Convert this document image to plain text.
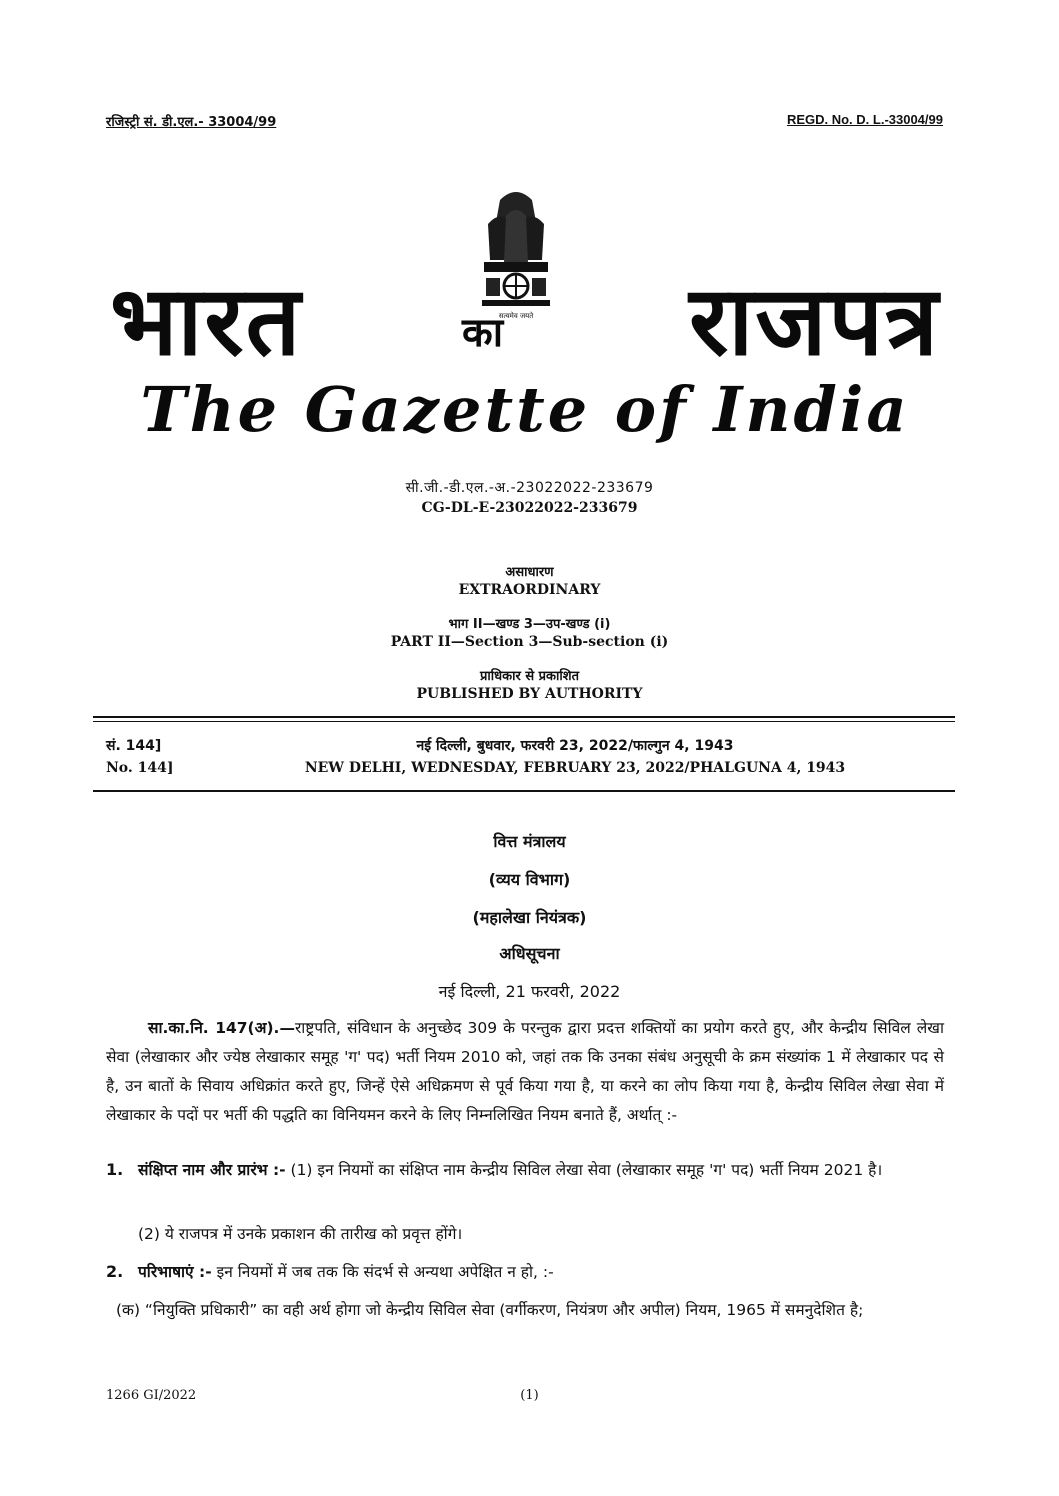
रजिस्ट्री सं. डी.एल.- 33004/99	REGD. No. D. L.-33004/99
सत्यमेव जयते
भारत	का राजपत्र
The Gazette of India
सी.जी.-डी.एल.-अ.-23022022-233679
CG-DL-E-23022022-233679
असाधारण
EXTRAORDINARY
भाग II—खण्ड 3—उप-खण्ड (i)
PART II—Section 3—Sub-section (i)
प्राधिकार से प्रकाशित
PUBLISHED BY AUTHORITY
सं. 144]	नई दिल्ली, बुधवार, फरवरी 23, 2022/फाल्गुन 4, 1943
No. 144]	NEW DELHI, WEDNESDAY, FEBRUARY 23, 2022/PHALGUNA 4, 1943
वित्त मंत्रालय
(व्यय विभाग)
(महालेखा नियंत्रक)
अधिसूचना
नई दिल्ली, 21 फरवरी, 2022
सा.का.नि. 147(अ).—राष्ट्रपति, संविधान के अनुच्छेद 309 के परन्तुक द्वारा प्रदत्त शक्तियों का प्रयोग करते हुए, और केन्द्रीय सिविल लेखा सेवा (लेखाकार और ज्येष्ठ लेखाकार समूह 'ग' पद) भर्ती नियम 2010 को, जहां तक कि उनका संबंध अनुसूची के क्रम संख्यांक 1 में लेखाकार पद से है, उन बातों के सिवाय अधिक्रांत करते हुए, जिन्हें ऐसे अधिक्रमण से पूर्व किया गया है, या करने का लोप किया गया है, केन्द्रीय सिविल लेखा सेवा में लेखाकार के पदों पर भर्ती की पद्धति का विनियमन करने के लिए निम्नलिखित नियम बनाते हैं, अर्थात् :-
1. संक्षिप्त नाम और प्रारंभ :- (1) इन नियमों का संक्षिप्त नाम केन्द्रीय सिविल लेखा सेवा (लेखाकार समूह 'ग' पद) भर्ती नियम 2021 है।
(2) ये राजपत्र में उनके प्रकाशन की तारीख को प्रवृत्त होंगे।
2. परिभाषाएं :- इन नियमों में जब तक कि संदर्भ से अन्यथा अपेक्षित न हो, :-
(क) “नियुक्ति प्रधिकारी” का वही अर्थ होगा जो केन्द्रीय सिविल सेवा (वर्गीकरण, नियंत्रण और अपील) नियम, 1965 में समनुदेशित है;
1266 GI/2022	(1)
